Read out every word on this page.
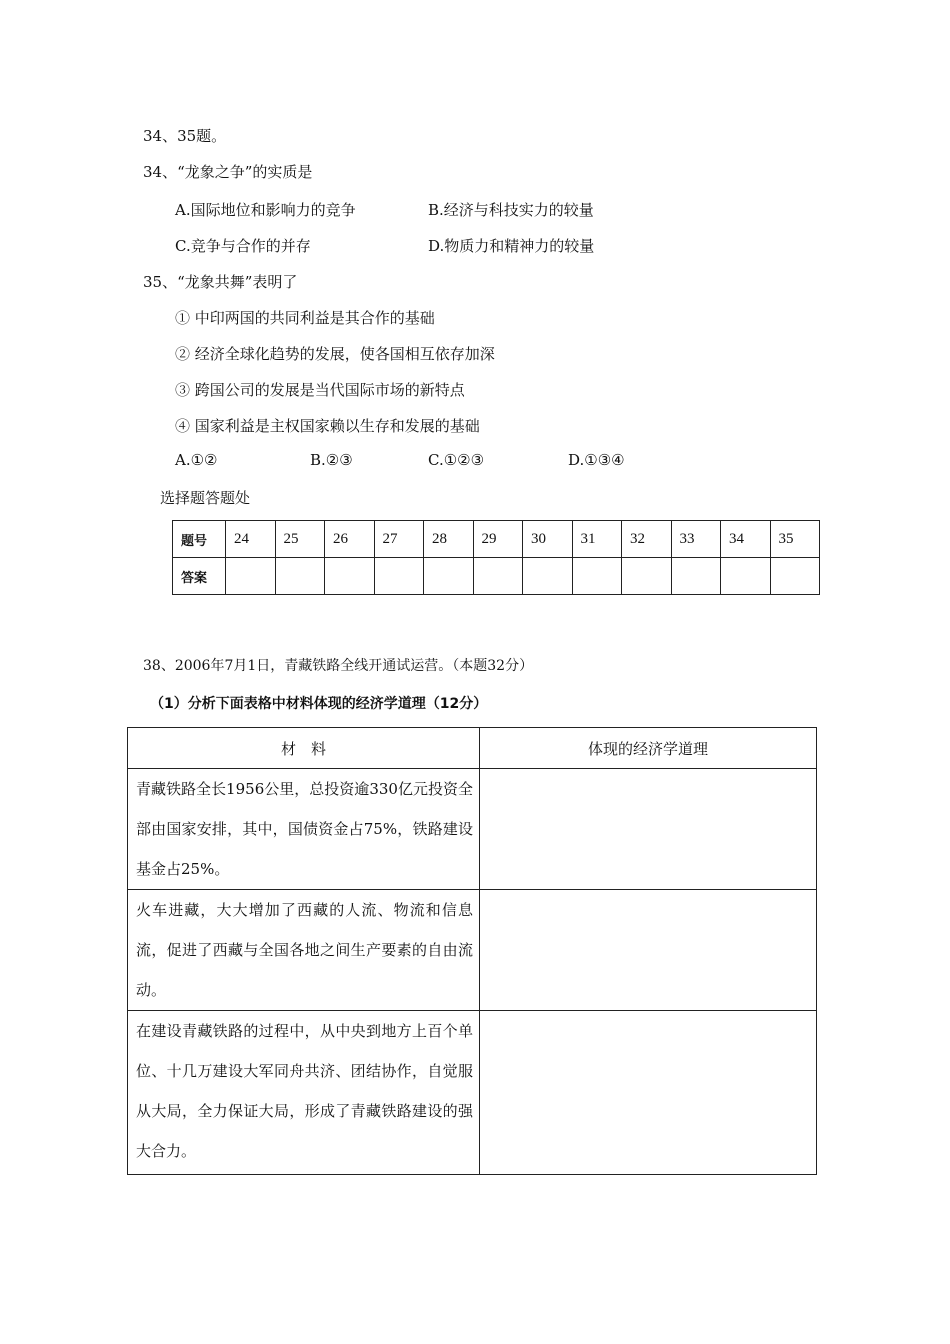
34、35题。
34、“龙象之争”的实质是
A.国际地位和影响力的竞争	B.经济与科技实力的较量
C.竞争与合作的并存	D.物质力和精神力的较量
35、“龙象共舞”表明了
① 中印两国的共同利益是其合作的基础
② 经济全球化趋势的发展，使各国相互依存加深
③ 跨国公司的发展是当代国际市场的新特点
④ 国家利益是主权国家赖以生存和发展的基础
A.①②	B.②③	C.①②③	D.①③④
选择题答题处
题号	24	25	26	27	28	29	30	31	32	33	34	35
答案												
38、2006年7月1日，青藏铁路全线开通试运营。（本题32分）
（1）分析下面表格中材料体现的经济学道理（12分）
材　料	体现的经济学道理
青藏铁路全长1956公里，总投资逾330亿元投资全部由国家安排，其中，国债资金占75%，铁路建设基金占25%。	
火车进藏，大大增加了西藏的人流、物流和信息流，促进了西藏与全国各地之间生产要素的自由流动。	
在建设青藏铁路的过程中，从中央到地方上百个单位、十几万建设大军同舟共济、团结协作，自觉服从大局，全力保证大局，形成了青藏铁路建设的强大合力。	
